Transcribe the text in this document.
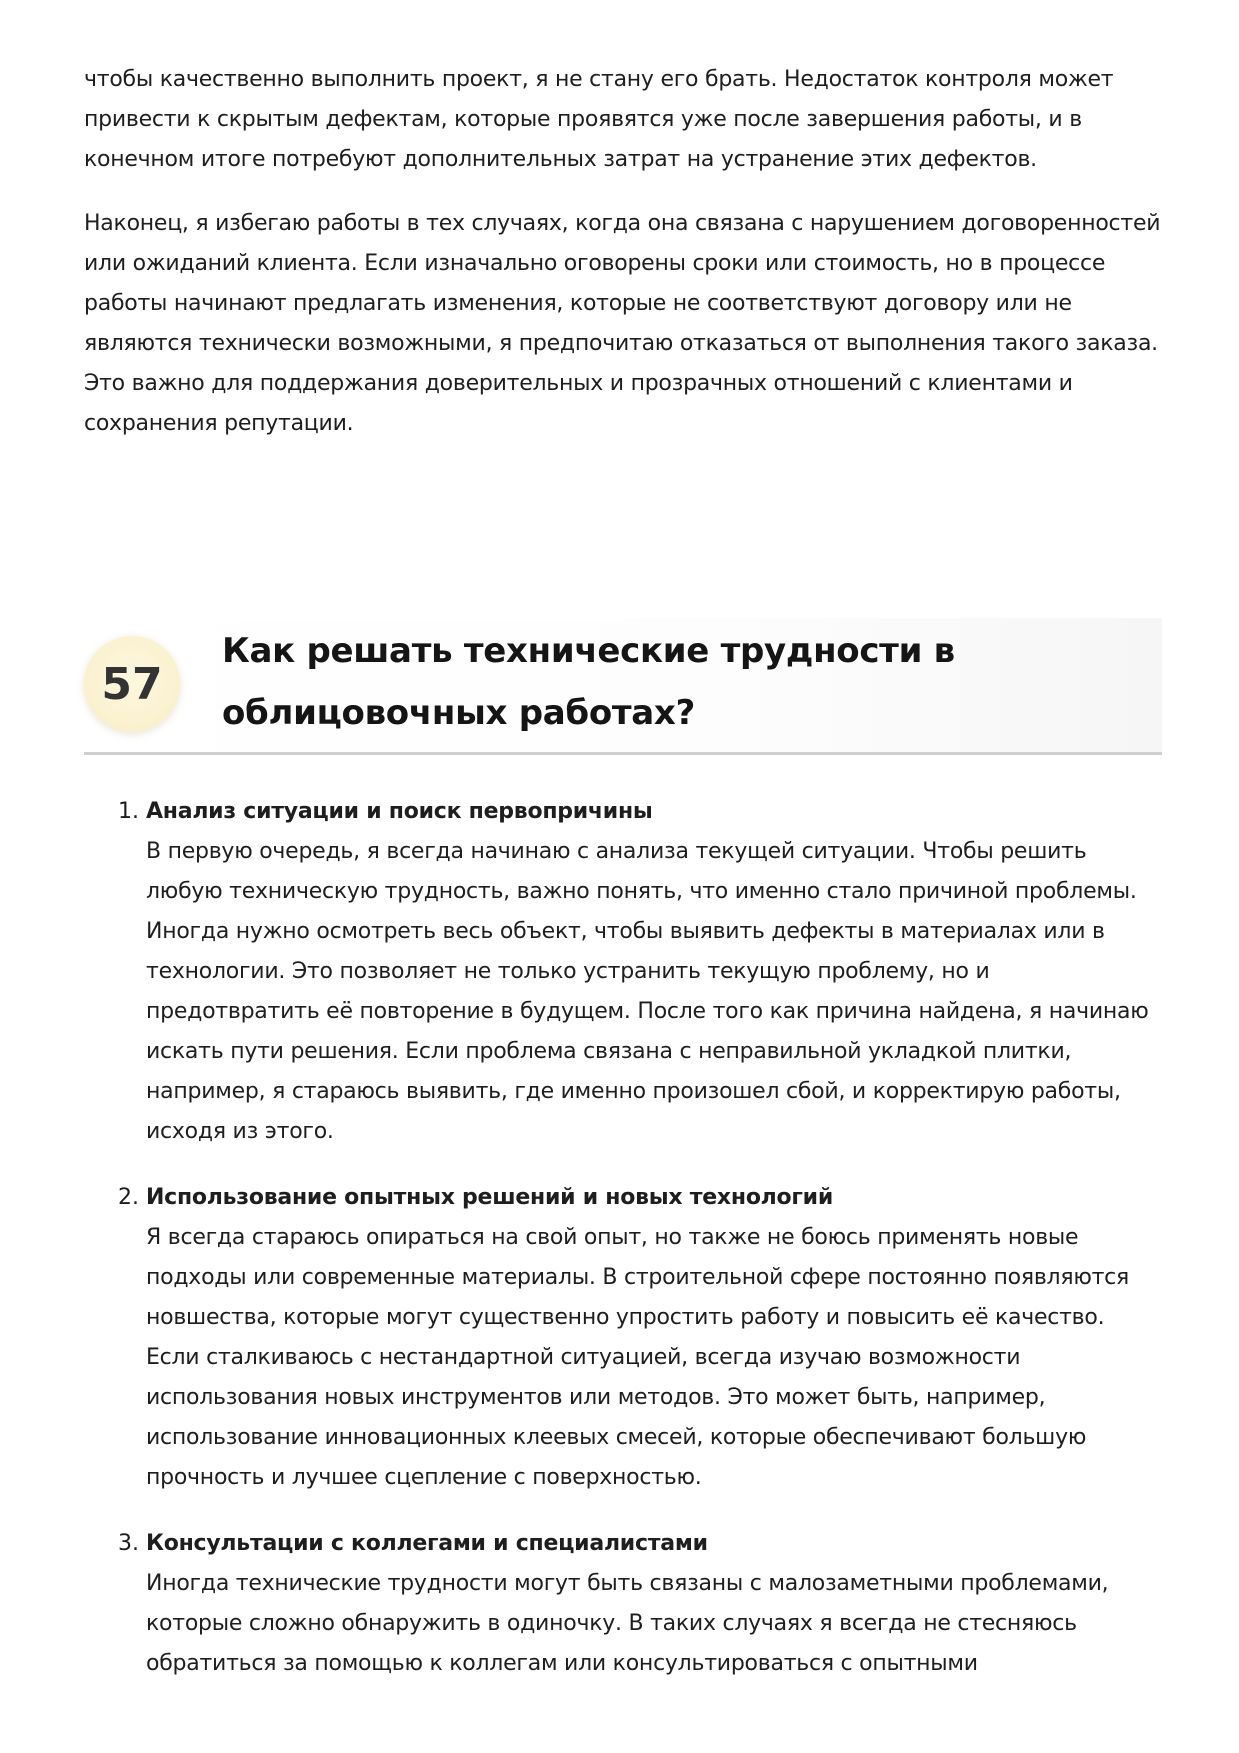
чтобы качественно выполнить проект, я не стану его брать. Недостаток контроля может привести к скрытым дефектам, которые проявятся уже после завершения работы, и в конечном итоге потребуют дополнительных затрат на устранение этих дефектов.

Наконец, я избегаю работы в тех случаях, когда она связана с нарушением договоренностей или ожиданий клиента. Если изначально оговорены сроки или стоимость, но в процессе работы начинают предлагать изменения, которые не соответствуют договору или не являются технически возможными, я предпочитаю отказаться от выполнения такого заказа. Это важно для поддержания доверительных и прозрачных отношений с клиентами и сохранения репутации.

57
Как решать технические трудности в облицовочных работах?
1. Анализ ситуации и поиск первопричины
В первую очередь, я всегда начинаю с анализа текущей ситуации. Чтобы решить любую техническую трудность, важно понять, что именно стало причиной проблемы. Иногда нужно осмотреть весь объект, чтобы выявить дефекты в материалах или в технологии. Это позволяет не только устранить текущую проблему, но и предотвратить её повторение в будущем. После того как причина найдена, я начинаю искать пути решения. Если проблема связана с неправильной укладкой плитки, например, я стараюсь выявить, где именно произошел сбой, и корректирую работы, исходя из этого.
2. Использование опытных решений и новых технологий
Я всегда стараюсь опираться на свой опыт, но также не боюсь применять новые подходы или современные материалы. В строительной сфере постоянно появляются новшества, которые могут существенно упростить работу и повысить её качество. Если сталкиваюсь с нестандартной ситуацией, всегда изучаю возможности использования новых инструментов или методов. Это может быть, например, использование инновационных клеевых смесей, которые обеспечивают большую прочность и лучшее сцепление с поверхностью.
3. Консультации с коллегами и специалистами
Иногда технические трудности могут быть связаны с малозаметными проблемами, которые сложно обнаружить в одиночку. В таких случаях я всегда не стесняюсь обратиться за помощью к коллегам или консультироваться с опытными
